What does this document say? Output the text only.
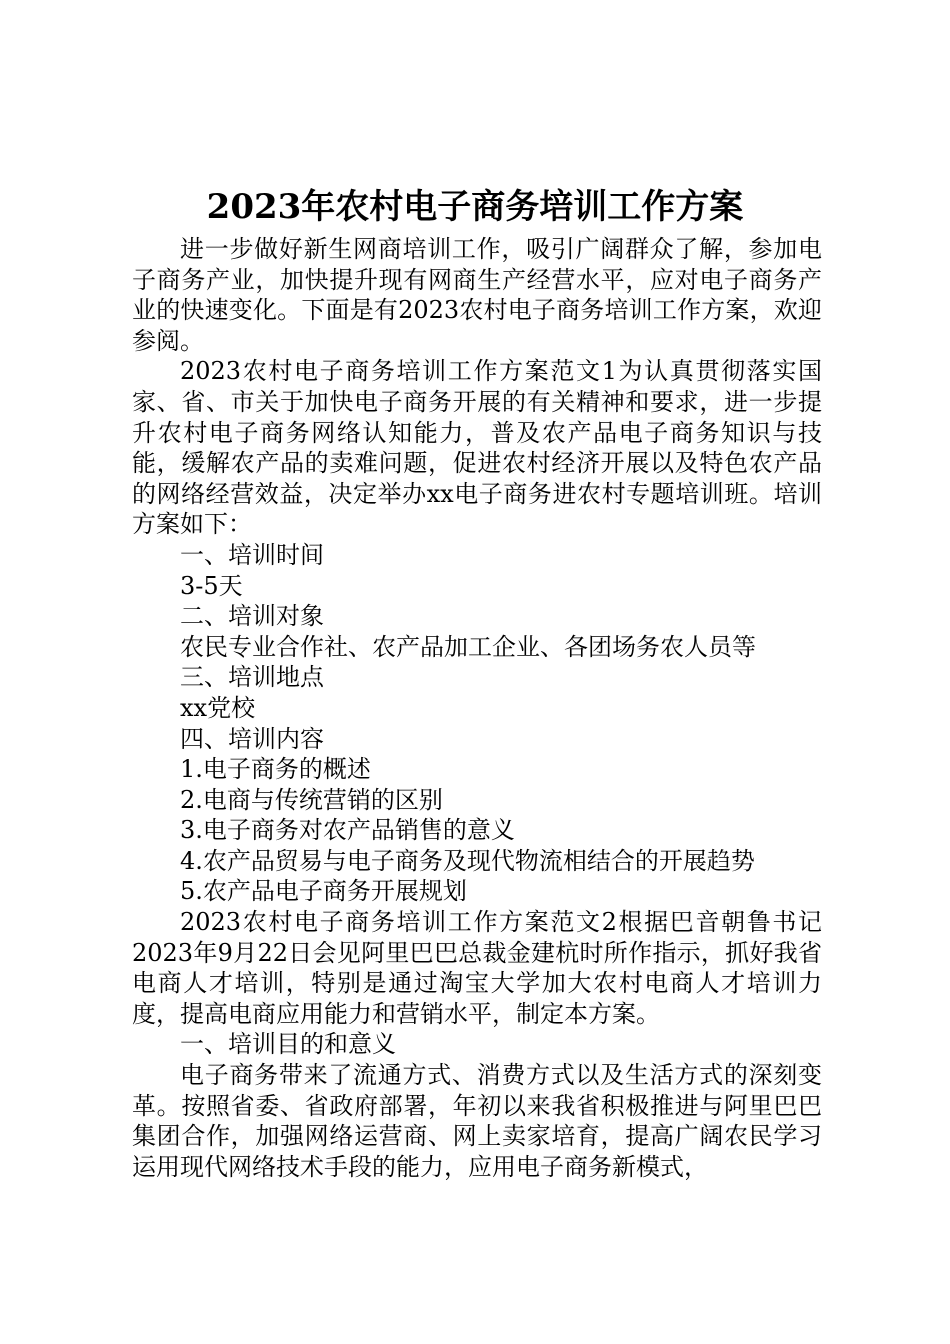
2023年农村电子商务培训工作方案

进一步做好新生网商培训工作，吸引广阔群众了解，参加电子商务产业，加快提升现有网商生产经营水平，应对电子商务产业的快速变化。下面是有2023农村电子商务培训工作方案，欢迎参阅。

2023农村电子商务培训工作方案范文1为认真贯彻落实国家、省、市关于加快电子商务开展的有关精神和要求，进一步提升农村电子商务网络认知能力，普及农产品电子商务知识与技能，缓解农产品的卖难问题，促进农村经济开展以及特色农产品的网络经营效益，决定举办xx电子商务进农村专题培训班。培训方案如下：

一、培训时间

3-5天

二、培训对象

农民专业合作社、农产品加工企业、各团场务农人员等

三、培训地点

xx党校

四、培训内容

1.电子商务的概述

2.电商与传统营销的区别

3.电子商务对农产品销售的意义

4.农产品贸易与电子商务及现代物流相结合的开展趋势

5.农产品电子商务开展规划

2023农村电子商务培训工作方案范文2根据巴音朝鲁书记2023年9月22日会见阿里巴巴总裁金建杭时所作指示，抓好我省电商人才培训，特别是通过淘宝大学加大农村电商人才培训力度，提高电商应用能力和营销水平，制定本方案。

一、培训目的和意义

电子商务带来了流通方式、消费方式以及生活方式的深刻变革。按照省委、省政府部署，年初以来我省积极推进与阿里巴巴集团合作，加强网络运营商、网上卖家培育，提高广阔农民学习运用现代网络技术手段的能力，应用电子商务新模式，
